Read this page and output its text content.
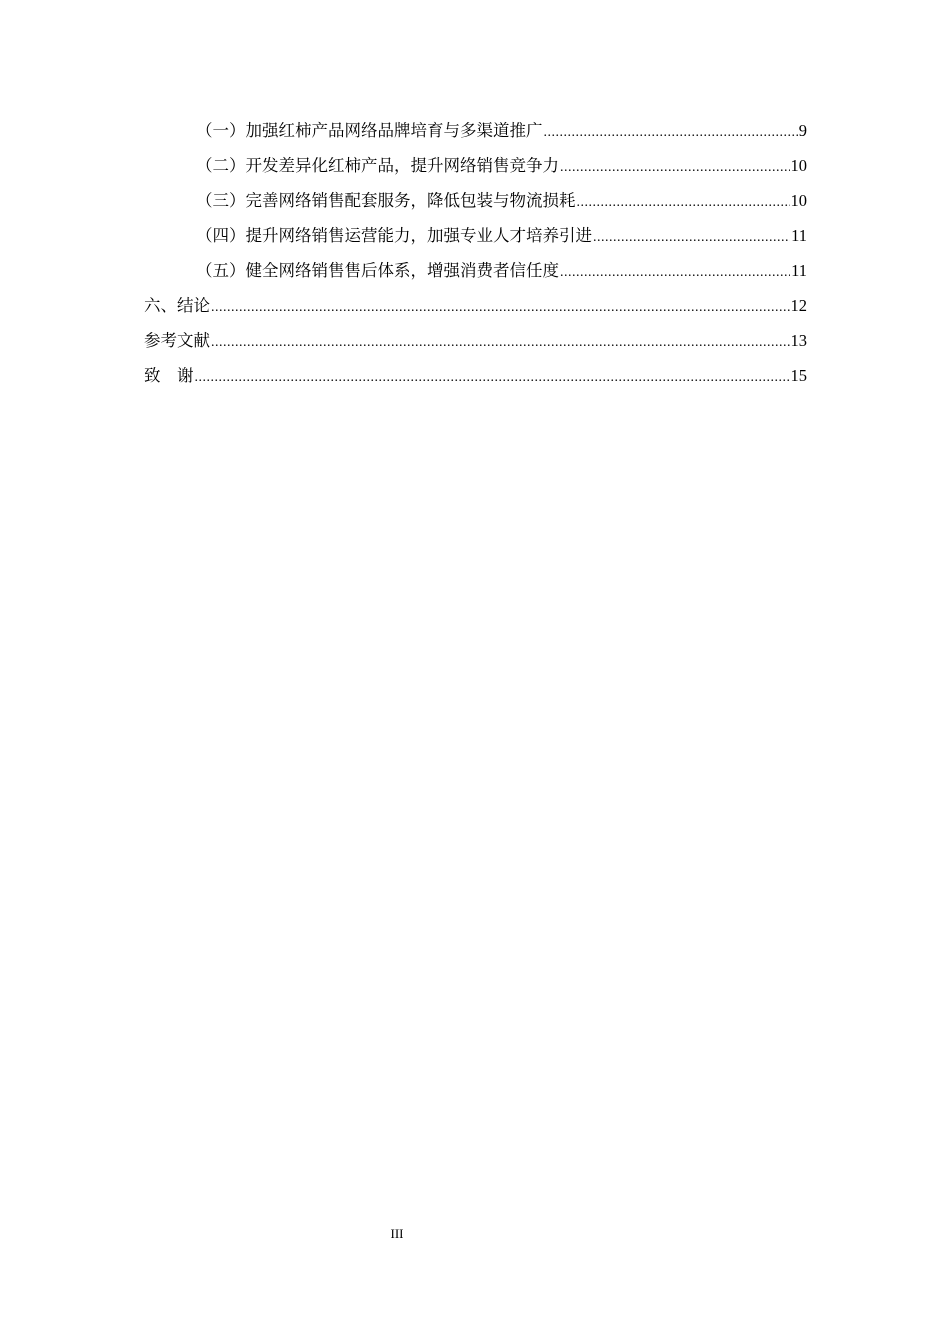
（一）加强红柿产品网络品牌培育与多渠道推广 .....	9
（二）开发差异化红柿产品，提升网络销售竞争力 .....	10
（三）完善网络销售配套服务，降低包装与物流损耗 .....	10
（四）提升网络销售运营能力，加强专业人才培养引进 .....	11
（五）健全网络销售售后体系，增强消费者信任度 .....	11
六、结论 .....	12
参考文献 .....	13
致　谢 .....	15
III
